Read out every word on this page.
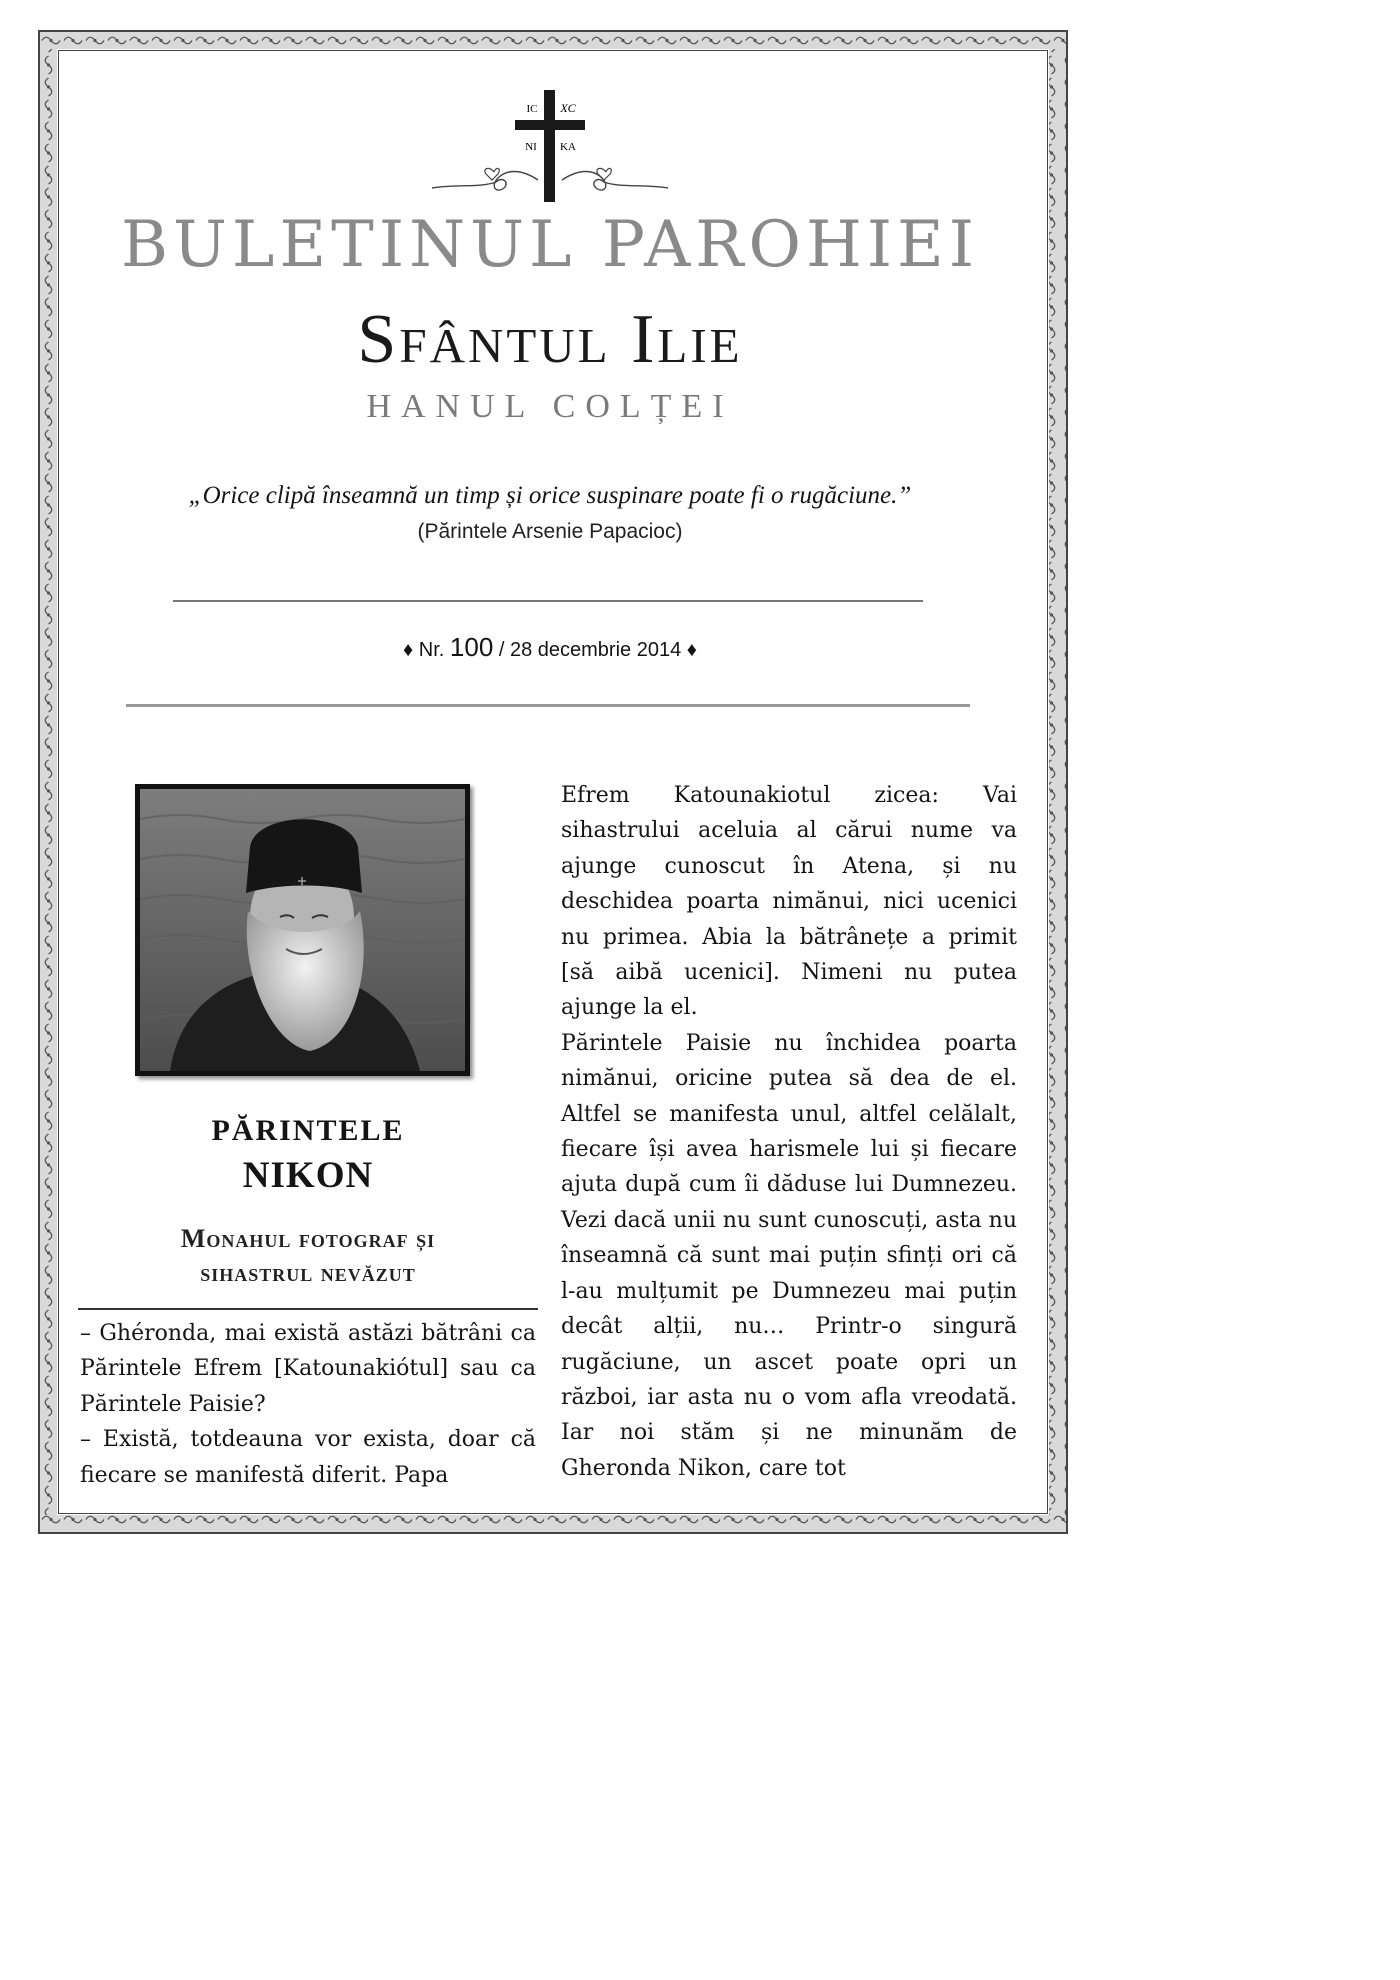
IC XC
NI KA
BULETINUL PAROHIEI
Sfântul Ilie
HANUL COLȚEI
„Orice clipă înseamnă un timp și orice suspinare poate fi o rugăciune.”
(Părintele Arsenie Papacioc)
♦ Nr. 100 / 28 decembrie 2014 ♦
PĂRINTELE
NIKON
Monahul fotograf și
sihastrul nevăzut

– Ghéronda, mai există astăzi bătrâni ca Părintele Efrem [Katounakiótul] sau ca Părintele Paisie?

– Există, totdeauna vor exista, doar că fiecare se manifestă diferit. Papa

Efrem Katounakiotul zicea: Vai sihastrului aceluia al cărui nume va ajunge cunoscut în Atena, și nu deschidea poarta nimănui, nici ucenici nu primea. Abia la bătrânețe a primit [să aibă ucenici]. Nimeni nu putea ajunge la el.

Părintele Paisie nu închidea poarta nimănui, oricine putea să dea de el. Altfel se manifesta unul, altfel celălalt, fiecare își avea harismele lui și fiecare ajuta după cum îi dăduse lui Dumnezeu. Vezi dacă unii nu sunt cunoscuți, asta nu înseamnă că sunt mai puțin sfinți ori că l-au mulțumit pe Dumnezeu mai puțin decât alții, nu… Printr-o singură rugăciune, un ascet poate opri un război, iar asta nu o vom afla vreodată. Iar noi stăm și ne minunăm de Gheronda Nikon, care tot
